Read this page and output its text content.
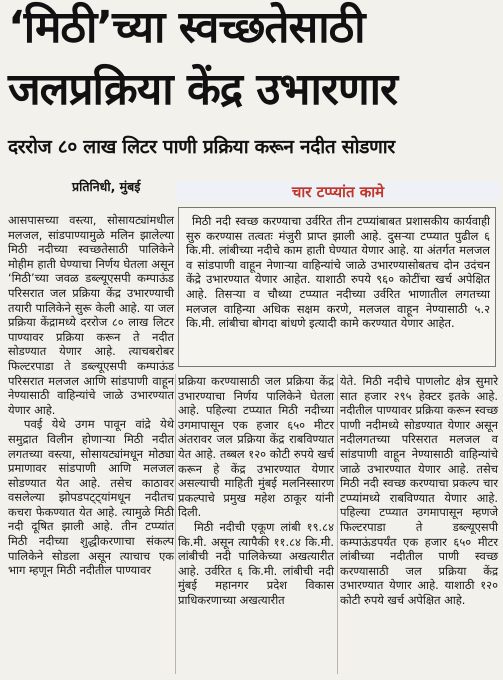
‘मिठी’च्या स्वच्छतेसाठी
जलप्रक्रिया केंद्र उभारणार
दररोज ८० लाख लिटर पाणी प्रक्रिया करून नदीत सोडणार

प्रतिनिधी, मुंबई

आसपासच्या वस्त्या, सोसायट्यांमधील मलजल, सांडपाण्यामुळे मलिन झालेल्या मिठी नदीच्या स्वच्छतेसाठी पालिकेने मोहीम हाती घेण्याचा निर्णय घेतला असून ‘मिठी’च्या जवळ डब्ल्यूएसपी कम्पाऊंड परिसरात जल प्रक्रिया केंद्र उभारण्याची तयारी पालिकेने सुरू केली आहे. या जल प्रक्रिया केंद्रामध्ये दररोज ८० लाख लिटर पाण्यावर प्रक्रिया करून ते नदीत सोडण्यात येणार आहे. त्याचबरोबर फिल्टरपाडा ते डब्ल्यूएसपी कम्पाऊंड परिसरात मलजल आणि सांडपाणी वाहून नेण्यासाठी वाहिन्यांचे जाळे उभारण्यात येणार आहे.

पवई येथे उगम पावून वांद्रे येथे समुद्रात विलीन होणाऱ्या मिठी नदीत लगतच्या वस्त्या, सोसायट्यांमधून मोठ्या प्रमाणावर सांडपाणी आणि मलजल सोडण्यात येत आहे. तसेच काठावर वसलेल्या झोपडपट्ट्यांमधून नदीतच कचरा फेकण्यात येत आहे. त्यामुळे मिठी नदी दूषित झाली आहे. तीन टप्प्यांत मिठी नदीच्या शुद्धीकरणाचा संकल्प पालिकेने सोडला असून त्याचाच एक भाग म्हणून मिठी नदीतील पाण्यावर

चार टप्प्यांत कामे

मिठी नदी स्वच्छ करण्याचा उर्वरित तीन टप्प्यांबाबत प्रशासकीय कार्यवाही सुरु करण्यास तत्वतः मंजुरी प्राप्त झाली आहे. दुसऱ्या टप्प्यात पुढील ६ कि.मी. लांबीच्या नदीचे काम हाती घेण्यात येणार आहे. या अंतर्गत मलजल व सांडपाणी वाहून नेणाऱ्या वाहिन्यांचे जाळे उभारण्यासोबतच दोन उदंचन केंद्रे उभारण्यात येणार आहेत. याशाठी रुपये ९६० कोटींचा खर्च अपेक्षित आहे. तिसऱ्या व चौथ्या टप्प्यात नदीच्या उर्वरित भाणातील लगतच्या मलजल वाहिन्या अधिक सक्षम करणे, मलजल वाहून नेण्यासाठी ५.२ कि.मी. लांबीचा बोगदा बांधणे इत्यादी कामे करण्यात येणार आहेत.

प्रक्रिया करण्यासाठी जल प्रक्रिया केंद्र उभारण्याचा निर्णय पालिकेने घेतला आहे. पहिल्या टप्प्यात मिठी नदीच्या उगमापासून एक हजार ६५० मीटर अंतरावर जल प्रक्रिया केंद्र राबविण्यात येत आहे. तब्बल १२० कोटी रुपये खर्च करून हे केंद्र उभारण्यात येणार असल्याची माहिती मुंबई मलनिस्सारण प्रकल्पाचे प्रमुख महेश ठाकूर यांनी दिली.

मिठी नदीची एकूण लांबी १९.८४ कि.मी. असून त्यापैकी ११.८४ कि.मी. लांबीची नदी पालिकेच्या अखत्यारीत आहे. उर्वरित ६ कि.मी. लांबीची नदी मुंबई महानगर प्रदेश विकास प्राधिकरणाच्या अखत्यारीत

येते. मिठी नदीचे पाणलोट क्षेत्र सुमारे सात हजार २९५ हेक्टर इतके आहे. नदीतील पाण्यावर प्रक्रिया करून स्वच्छ पाणी नदीमध्ये सोडण्यात येणार असून नदीलगतच्या परिसरात मलजल व सांडपाणी वाहून नेण्यासाठी वाहिन्यांचे जाळे उभारण्यात येणार आहे. तसेच मिठी नदी स्वच्छ करण्याचा प्रकल्प चार टप्प्यांमध्ये राबविण्यात येणार आहे. पहिल्या टप्प्यात उगमापासून म्हणजे फिल्टरपाडा ते डब्ल्यूएसपी कम्पाऊंडपर्यंत एक हजार ६५० मीटर लांबीच्या नदीतील पाणी स्वच्छ करण्यासाठी जल प्रक्रिया केंद्र उभारण्यात येणार आहे. याशाठी १२० कोटी रुपये खर्च अपेक्षित आहे.
